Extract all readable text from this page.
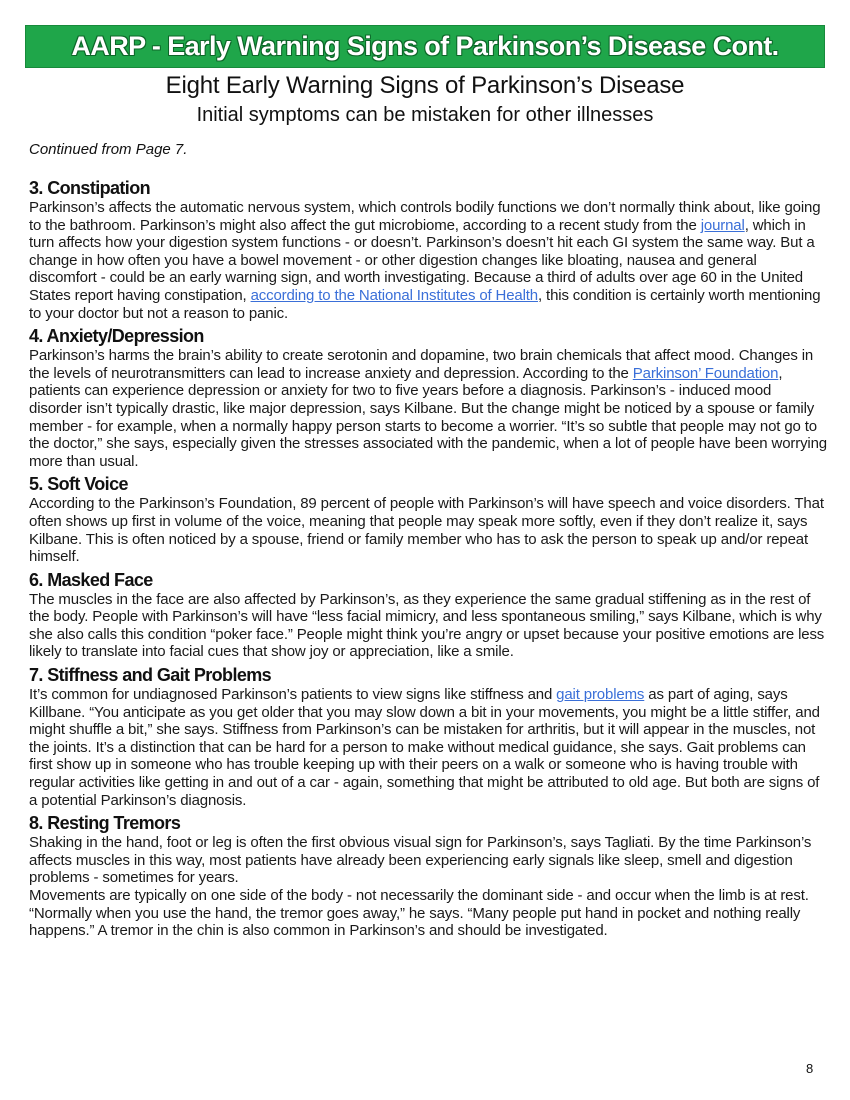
AARP - Early Warning Signs of Parkinson’s Disease Cont.
Eight Early Warning Signs of Parkinson’s Disease
Initial symptoms can be mistaken for other illnesses
Continued from Page 7.
3. Constipation

Parkinson’s affects the automatic nervous system, which controls bodily functions we don’t normally think about, like going to the bathroom. Parkinson’s might also affect the gut microbiome, according to a recent study from the journal, which in turn affects how your digestion system functions - or doesn’t. Parkinson’s doesn’t hit each GI system the same way. But a change in how often you have a bowel movement - or other digestion changes like bloating, nausea and general discomfort - could be an early warning sign, and worth investigating. Because a third of adults over age 60 in the United States report having constipation, according to the National Institutes of Health, this condition is certainly worth mentioning to your doctor but not a reason to panic.

4. Anxiety/Depression

Parkinson’s harms the brain’s ability to create serotonin and dopamine, two brain chemicals that affect mood. Changes in the levels of neurotransmitters can lead to increase anxiety and depression. According to the Parkinson’ Foundation, patients can experience depression or anxiety for two to five years before a diagnosis. Parkinson’s - induced mood disorder isn’t typically drastic, like major depression, says Kilbane. But the change might be noticed by a spouse or family member - for example, when a normally happy person starts to become a worrier. “It’s so subtle that people may not go to the doctor,” she says, especially given the stresses associated with the pandemic, when a lot of people have been worrying more than usual.

5. Soft Voice

According to the Parkinson’s Foundation, 89 percent of people with Parkinson’s will have speech and voice disorders. That often shows up first in volume of the voice, meaning that people may speak more softly, even if they don’t realize it, says Kilbane. This is often noticed by a spouse, friend or family member who has to ask the person to speak up and/or repeat himself.

6. Masked Face

The muscles in the face are also affected by Parkinson’s, as they experience the same gradual stiffening as in the rest of the body. People with Parkinson’s will have “less facial mimicry, and less spontaneous smiling,” says Kilbane, which is why she also calls this condition “poker face.” People might think you’re angry or upset because your positive emotions are less likely to translate into facial cues that show joy or appreciation, like a smile.

7. Stiffness and Gait Problems

It’s common for undiagnosed Parkinson’s patients to view signs like stiffness and gait problems as part of aging, says Killbane. “You anticipate as you get older that you may slow down a bit in your movements, you might be a little stiffer, and might shuffle a bit,” she says. Stiffness from Parkinson’s can be mistaken for arthritis, but it will appear in the muscles, not the joints. It’s a distinction that can be hard for a person to make without medical guidance, she says. Gait problems can first show up in someone who has trouble keeping up with their peers on a walk or someone who is having trouble with regular activities like getting in and out of a car - again, something that might be attributed to old age. But both are signs of a potential Parkinson’s diagnosis.

8. Resting Tremors

Shaking in the hand, foot or leg is often the first obvious visual sign for Parkinson’s, says Tagliati. By the time Parkinson’s affects muscles in this way, most patients have already been experiencing early signals like sleep, smell and digestion problems - sometimes for years.

Movements are typically on one side of the body - not necessarily the dominant side - and occur when the limb is at rest. “Normally when you use the hand, the tremor goes away,” he says. “Many people put hand in pocket and nothing really happens.” A tremor in the chin is also common in Parkinson’s and should be investigated.

8
